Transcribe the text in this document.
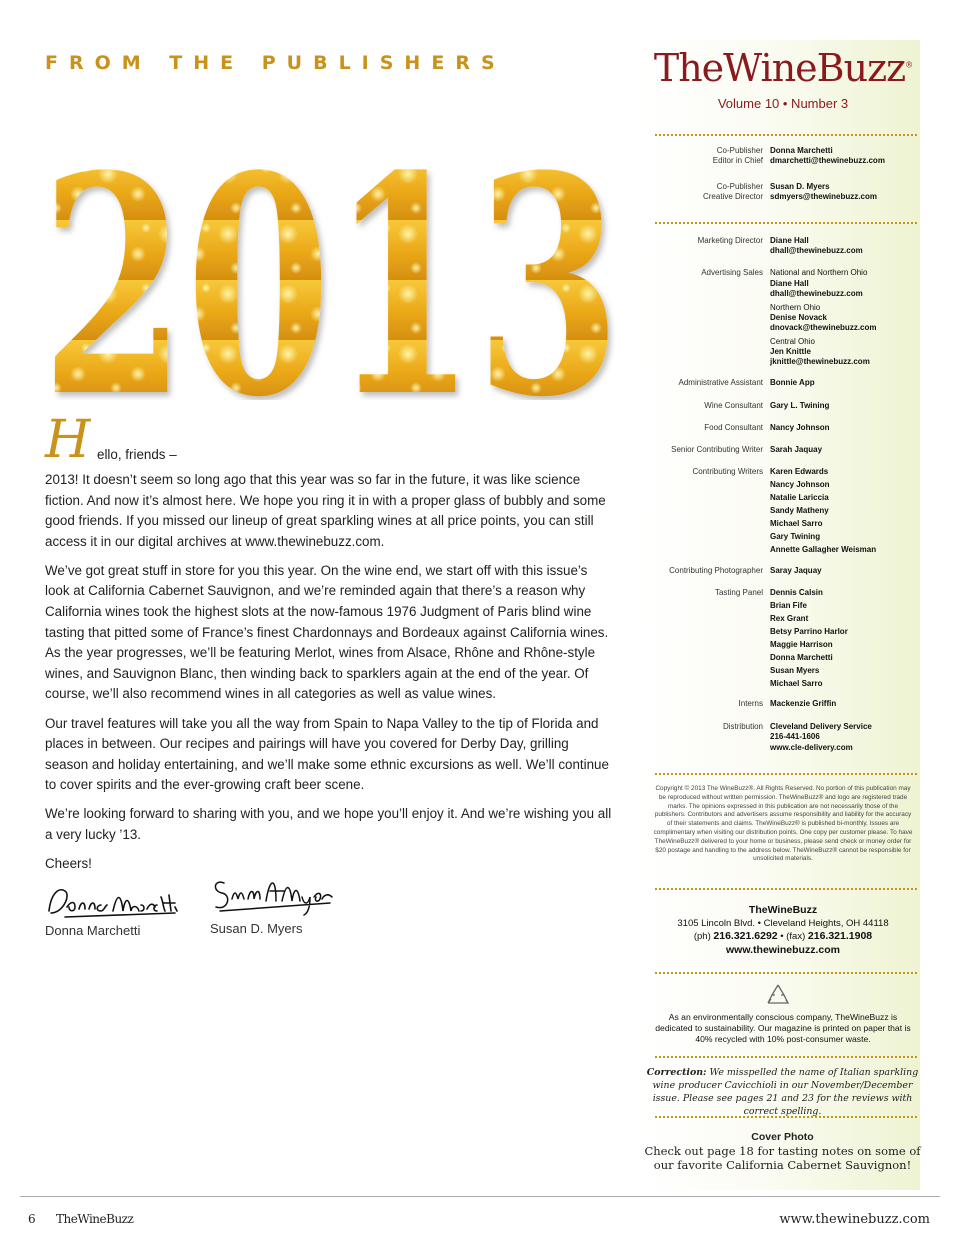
FROM THE PUBLISHERS
2013
H ello, friends –

2013! It doesn’t seem so long ago that this year was so far in the future, it was like science fiction. And now it’s almost here. We hope you ring it in with a proper glass of bubbly and some good friends. If you missed our lineup of great sparkling wines at all price points, you can still access it in our digital archives at www.thewinebuzz.com.

We’ve got great stuff in store for you this year. On the wine end, we start off with this issue’s look at California Cabernet Sauvignon, and we’re reminded again that there’s a reason why California wines took the highest slots at the now-famous 1976 Judgment of Paris blind wine tasting that pitted some of France’s finest Chardonnays and Bordeaux against California wines. As the year progresses, we’ll be featuring Merlot, wines from Alsace, Rhône and Rhône-style wines, and Sauvignon Blanc, then winding back to sparklers again at the end of the year. Of course, we’ll also recommend wines in all categories as well as value wines.

Our travel features will take you all the way from Spain to Napa Valley to the tip of Florida and places in between. Our recipes and pairings will have you covered for Derby Day, grilling season and holiday entertaining, and we’ll make some ethnic excursions as well. We’ll continue to cover spirits and the ever-growing craft beer scene.

We’re looking forward to sharing with you, and we hope you’ll enjoy it. And we’re wishing you all a very lucky ’13.

Cheers!

Donna Marchetti	Susan D. Myers
TheWineBuzz®
Volume 10 • Number 3
Co-Publisher Donna Marchetti
Editor in Chief dmarchetti@thewinebuzz.com
Co-Publisher Susan D. Myers
Creative Director sdmyers@thewinebuzz.com
Marketing Director Diane Hall
dhall@thewinebuzz.com
Advertising Sales National and Northern Ohio
Diane Hall
dhall@thewinebuzz.com
Northern Ohio
Denise Novack
dnovack@thewinebuzz.com
Central Ohio
Jen Knittle
jknittle@thewinebuzz.com
Administrative Assistant Bonnie App
Wine Consultant Gary L. Twining
Food Consultant Nancy Johnson
Senior Contributing Writer Sarah Jaquay
Contributing Writers Karen Edwards
Nancy Johnson
Natalie Lariccia
Sandy Matheny
Michael Sarro
Gary Twining
Annette Gallagher Weisman
Contributing Photographer Saray Jaquay
Tasting Panel Dennis Calsin
Brian Fife
Rex Grant
Betsy Parrino Harlor
Maggie Harrison
Donna Marchetti
Susan Myers
Michael Sarro
Interns Mackenzie Griffin
Distribution Cleveland Delivery Service
216-441-1606
www.cle-delivery.com
Copyright © 2013 The WineBuzz®. All Rights Reserved. No portion of this publication may be reproduced without written permission. TheWineBuzz® and logo are registered trade marks. The opinions expressed in this publication are not necessarily those of the publishers. Contributors and advertisers assume responsibility and liability for the accuracy of their statements and claims. TheWineBuzz® is published bi-monthly. Issues are complimentary when visiting our distribution points. One copy per customer please. To have TheWineBuzz® delivered to your home or business, please send check or money order for $20 postage and handling to the address below. TheWineBuzz® cannot be responsible for unsolicited materials.
TheWineBuzz
3105 Lincoln Blvd. • Cleveland Heights, OH 44118
(ph) 216.321.6292 • (fax) 216.321.1908
www.thewinebuzz.com
As an environmentally conscious company, TheWineBuzz is dedicated to sustainability. Our magazine is printed on paper that is 40% recycled with 10% post-consumer waste.
Correction: We misspelled the name of Italian sparkling wine producer Cavicchioli in our November/December issue. Please see pages 21 and 23 for the reviews with correct spelling.
Cover Photo
Check out page 18 for tasting notes on some of our favorite California Cabernet Sauvignon!
6 TheWineBuzz	www.thewinebuzz.com
